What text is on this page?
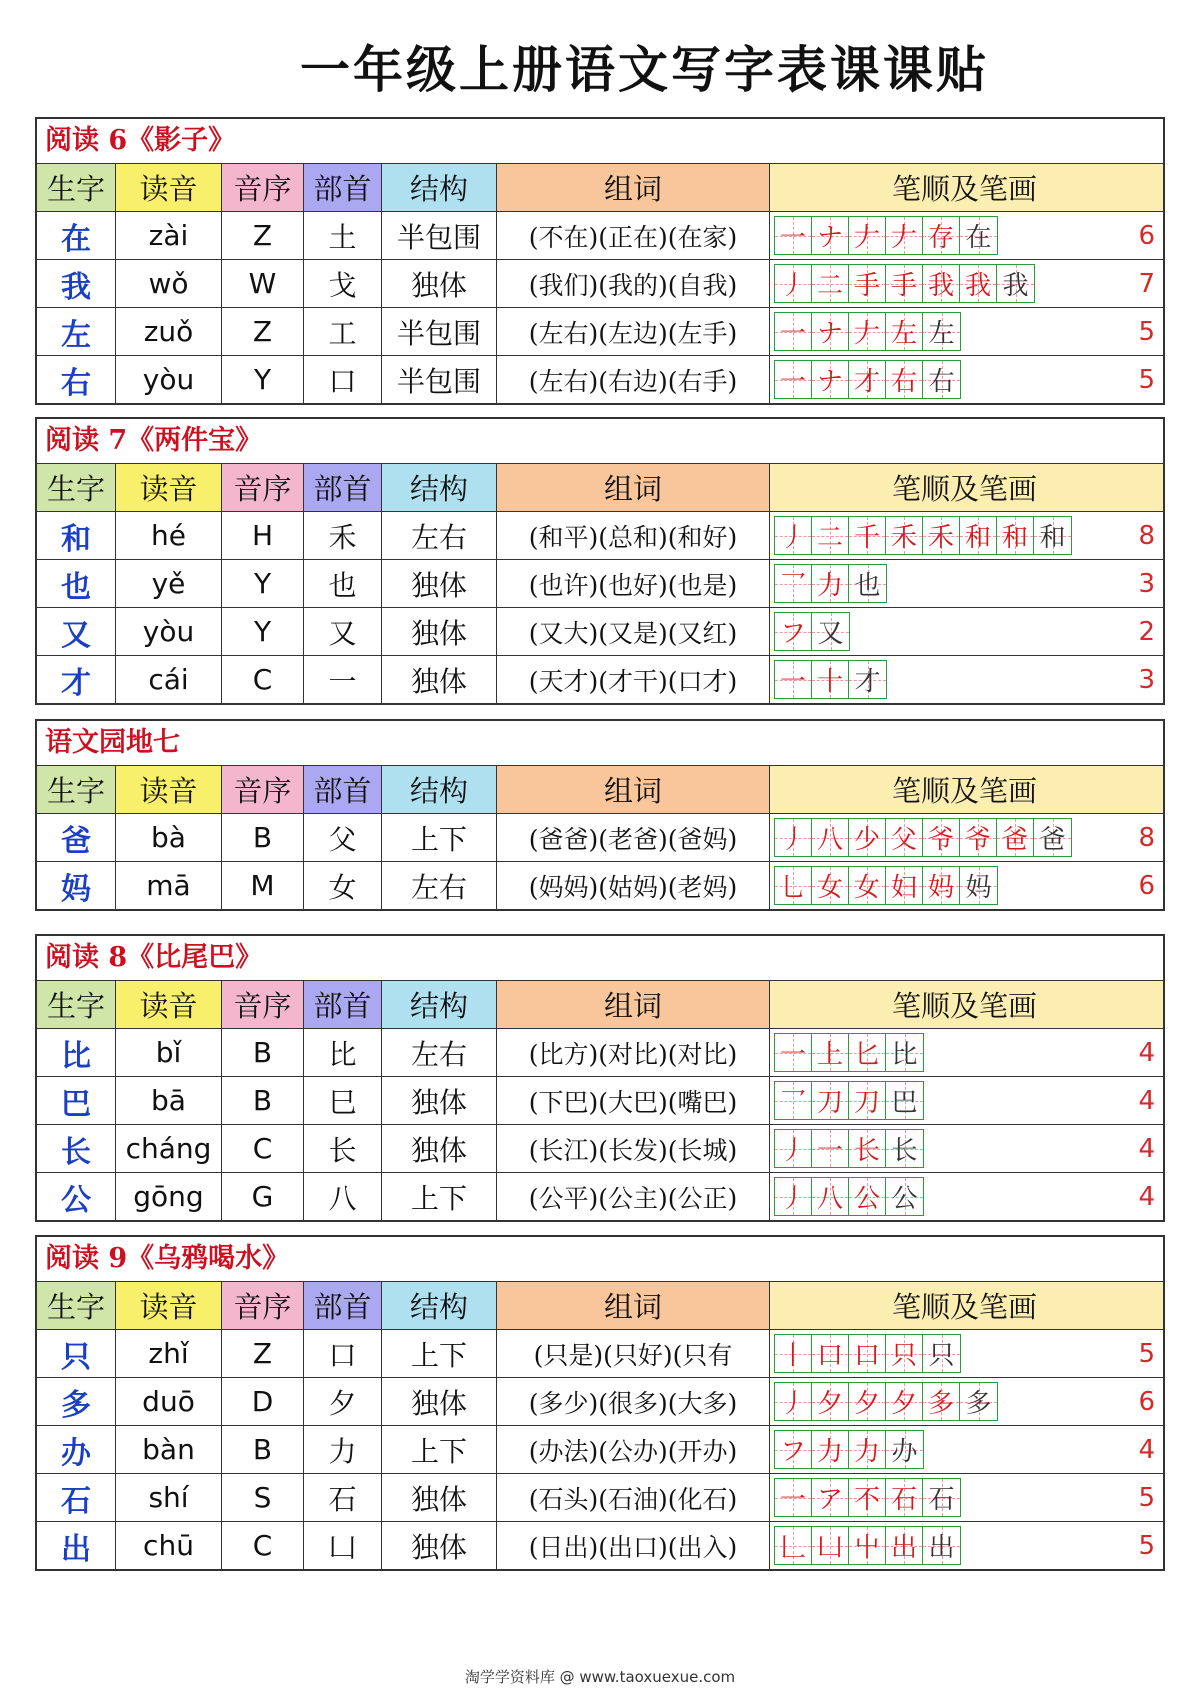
一年级上册语文写字表课课贴
阅读 6《影子》
生字	读音	音序 部首	结构	组词	笔顺及笔画
在	zài	Z	土	半包围	(不在)(正在)(在家)	一 ナ 𠂇 𠂇 存 在	6
我	wǒ	W	戈	独体	(我们)(我的)(自我)	丿 二 手 手 我 我 我	7
左	zuǒ	Z	工	半包围	(左右)(左边)(左手)	一 ナ 𠂇 左 左	5
右	yòu	Y	口	半包围	(左右)(右边)(右手)	一 ナ 才 右 右	5
阅读 7《两件宝》
生字	读音	音序 部首	结构	组词	笔顺及笔画
和	hé	H	禾	左右	(和平)(总和)(和好)	丿 二 千 禾 禾 和 和 和	8
也	yě	Y	也	独体	(也许)(也好)(也是)	乛 力 也	3
又	yòu	Y	又	独体	(又大)(又是)(又红)	フ 又	2
才	cái	C	一	独体	(天才)(才干)(口才)	一 十 才	3
语文园地七
生字	读音	音序 部首	结构	组词	笔顺及笔画
爸	bà	B	父	上下	(爸爸)(老爸)(爸妈)	丿 八 少 父 爷 爷 爸 爸	8
妈	mā	M	女	左右	(妈妈)(姑妈)(老妈)	乚 女 女 妇 妈 妈	6
阅读 8《比尾巴》
生字	读音	音序 部首	结构	组词	笔顺及笔画
比	bǐ	B	比	左右	(比方)(对比)(对比)	一 上 匕 比	4
巴	bā	B	巳	独体	(下巴)(大巴)(嘴巴)	乛 刀 刀 巴	4
长	cháng	C	长	独体	(长江)(长发)(长城)	丿 一 长 长	4
公	gōng	G	八	上下	(公平)(公主)(公正)	丿 八 公 公	4
阅读 9《乌鸦喝水》
生字	读音	音序 部首	结构	组词	笔顺及笔画
只	zhǐ	Z	口	上下	(只是)(只好)(只有	丨 口 口 只 只	5
多	duō	D	夕	独体	(多少)(很多)(大多)	丿 夕 夕 夕 多 多	6
办	bàn	B	力	上下	(办法)(公办)(开办)	フ 力 力 办	4
石	shí	S	石	独体	(石头)(石油)(化石)	一 ア 不 石 石	5
出	chū	C	凵	独体	(日出)(出口)(出入)	𠃊 凵 屮 出 出	5
淘学学资料库 @ www.taoxuexue.com
